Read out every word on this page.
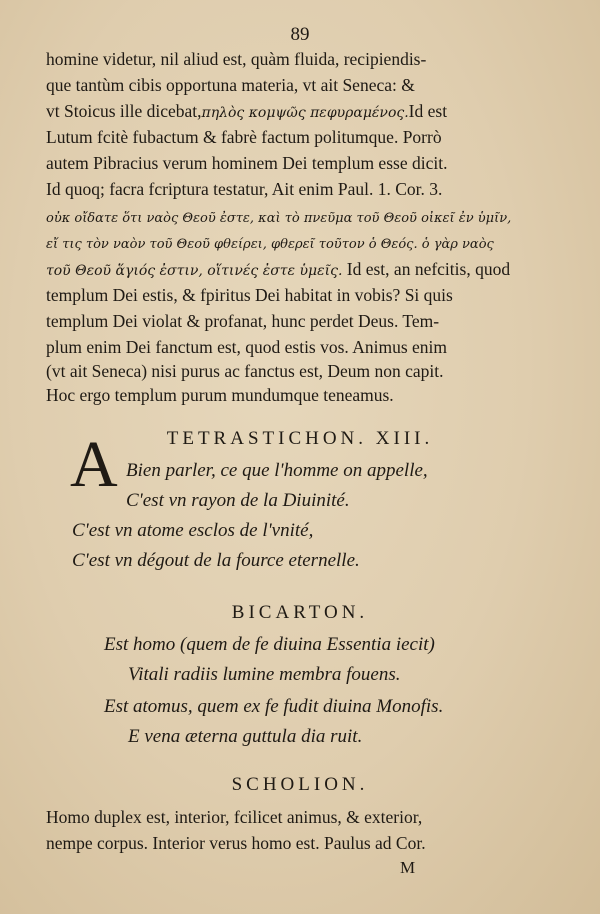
89
homine videtur, nil aliud est, quàm fluida, recipiendis-
que tantùm cibis opportuna materia, vt ait Seneca: &
vt Stoicus ille dicebat,πηλὸς κομψῶς πεφυραμένος.Id est
Lutum fcitè fubactum & fabrè factum politumque. Porrò
autem Pibracius verum hominem Dei templum esse dicit.
Id quoq; facra fcriptura testatur, Ait enim Paul. 1. Cor. 3.
οὐκ οἴδατε ὅτι ναὸς Θεοῦ ἐστε, καὶ τὸ πνεῦμα τοῦ Θεοῦ οἰκεῖ ἐν ὑμῖν,
εἴ τις τὸν ναὸν τοῦ Θεοῦ φθείρει, φθερεῖ τοῦτον ὁ Θεός. ὁ γὰρ ναὸς
τοῦ Θεοῦ ἅγιός ἐστιν, οἵτινές ἐστε ὑμεῖς. Id est, an nefcitis, quod
templum Dei estis, & fpiritus Dei habitat in vobis? Si quis
templum Dei violat & profanat, hunc perdet Deus. Tem-
plum enim Dei fanctum est, quod estis vos. Animus enim
(vt ait Seneca) nisi purus ac fanctus est, Deum non capit.
Hoc ergo templum purum mundumque teneamus.
TETRASTICHON. XIII.
A Bien parler, ce que l'homme on appelle,
C'est vn rayon de la Diuinité.
C'est vn atome esclos de l'vnité,
C'est vn dégout de la fource eternelle.
BICARTON.
Est homo (quem de fe diuina Essentia iecit)
Vitali radiis lumine membra fouens.
Est atomus, quem ex fe fudit diuina Monofis.
E vena æterna guttula dia ruit.
SCHOLION.
Homo duplex est, interior, fcilicet animus, & exterior,
nempe corpus. Interior verus homo est. Paulus ad Cor.
M
